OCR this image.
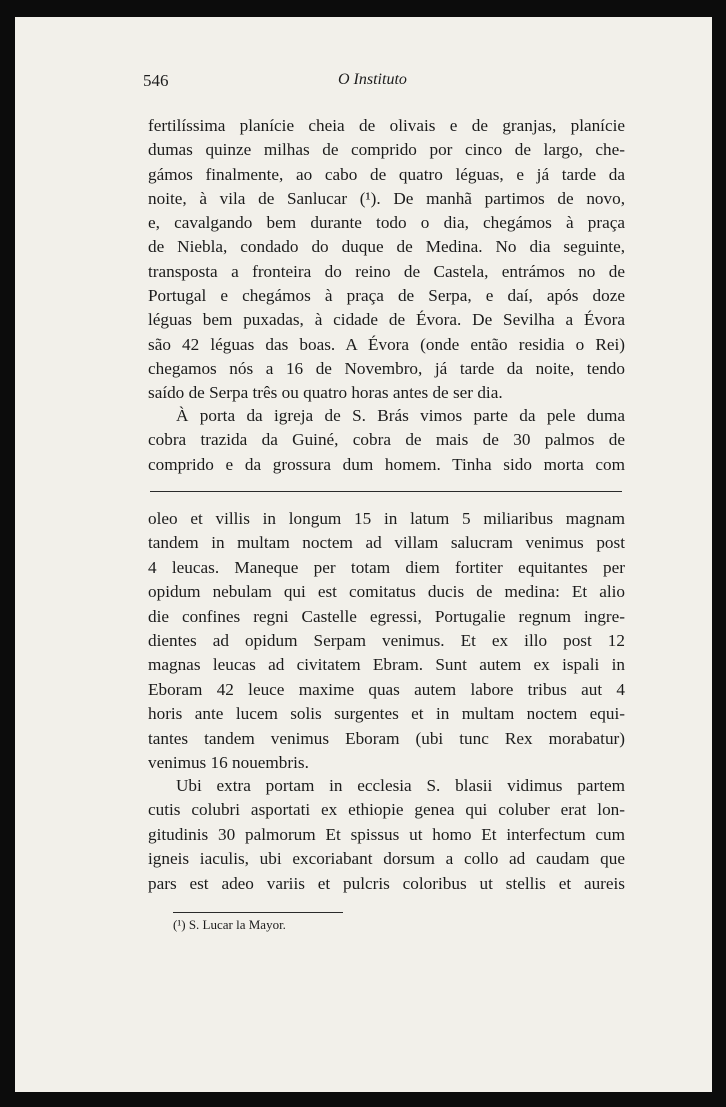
546	O Instituto
fertilíssima planície cheia de olivais e de granjas, planície
dumas quinze milhas de comprido por cinco de largo, che-
gámos finalmente, ao cabo de quatro léguas, e já tarde da
noite, à vila de Sanlucar (¹). De manhã partimos de novo,
e, cavalgando bem durante todo o dia, chegámos à praça
de Niebla, condado do duque de Medina. No dia seguinte,
transposta a fronteira do reino de Castela, entrámos no de
Portugal e chegámos à praça de Serpa, e daí, após doze
léguas bem puxadas, à cidade de Évora. De Sevilha a Évora
são 42 léguas das boas. A Évora (onde então residia o Rei)
chegamos nós a 16 de Novembro, já tarde da noite, tendo
saído de Serpa três ou quatro horas antes de ser dia.
À porta da igreja de S. Brás vimos parte da pele duma
cobra trazida da Guiné, cobra de mais de 30 palmos de
comprido e da grossura dum homem. Tinha sido morta com
oleo et villis in longum 15 in latum 5 miliaribus magnam
tandem in multam noctem ad villam salucram venimus post
4 leucas. Maneque per totam diem fortiter equitantes per
opidum nebulam qui est comitatus ducis de medina: Et alio
die confines regni Castelle egressi, Portugalie regnum ingre-
dientes ad opidum Serpam venimus. Et ex illo post 12
magnas leucas ad civitatem Ebram. Sunt autem ex ispali in
Eboram 42 leuce maxime quas autem labore tribus aut 4
horis ante lucem solis surgentes et in multam noctem equi-
tantes tandem venimus Eboram (ubi tunc Rex morabatur)
venimus 16 nouembris.
Ubi extra portam in ecclesia S. blasii vidimus partem
cutis colubri asportati ex ethiopie genea qui coluber erat lon-
gitudinis 30 palmorum Et spissus ut homo Et interfectum cum
igneis iaculis, ubi excoriabant dorsum a collo ad caudam que
pars est adeo variis et pulcris coloribus ut stellis et aureis
(¹) S. Lucar la Mayor.
